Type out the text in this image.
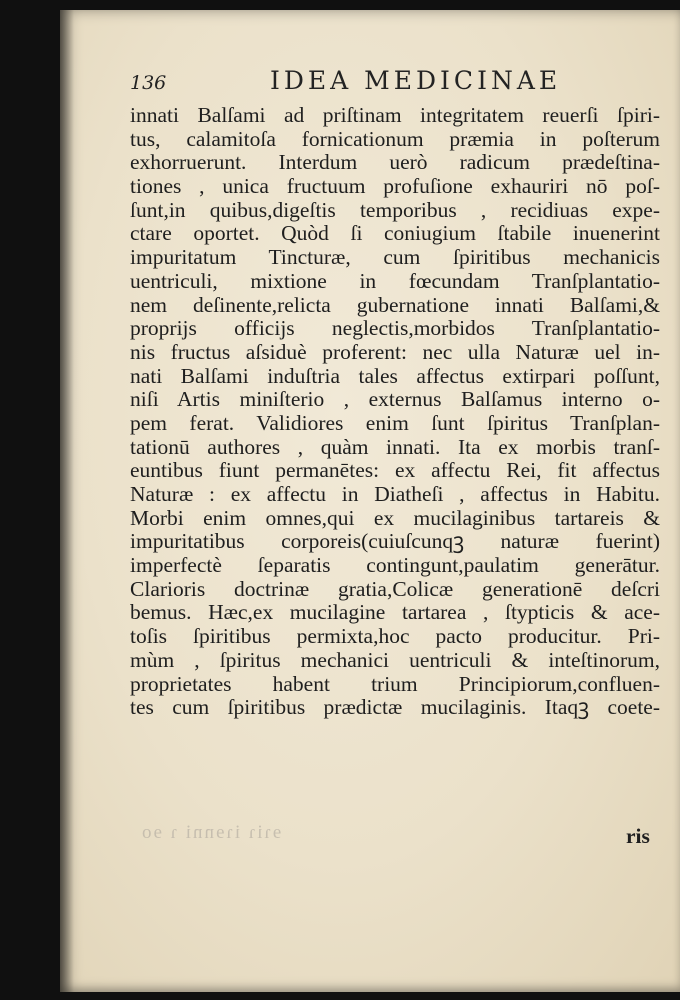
136	IDEA MEDICINAE
innati Balſami ad priſtinam integritatem reuerſi ſpiri-
tus, calamitoſa fornicationum præmia in poſterum
exhorruerunt. Interdum uerò radicum prædeſtina-
tiones , unica fructuum profuſione exhauriri nō poſ-
ſunt,in quibus,digeſtis temporibus , recidiuas expe-
ctare oportet. Quòd ſi coniugium ſtabile inuenerint
impuritatum Tincturæ, cum ſpiritibus mechanicis
uentriculi, mixtione in fœcundam Tranſplantatio-
nem deſinente,relicta gubernatione innati Balſami,&
proprijs officijs neglectis,morbidos Tranſplantatio-
nis fructus aſsiduè proferent: nec ulla Naturæ uel in-
nati Balſami induſtria tales affectus extirpari poſſunt,
niſi Artis miniſterio , externus Balſamus interno o-
pem ferat. Validiores enim ſunt ſpiritus Tranſplan-
tationū authores , quàm innati. Ita ex morbis tranſ-
euntibus fiunt permanētes: ex affectu Rei, fit affectus
Naturæ : ex affectu in Diatheſi , affectus in Habitu.
Morbi enim omnes,qui ex mucilaginibus tartareis &
impuritatibus corporeis(cuiuſcunqꝫ naturæ fuerint)
imperfectè ſeparatis contingunt,paulatim generātur.
Clarioris doctrinæ gratia,Colicæ generationē deſcri
bemus. Hæc,ex mucilagine tartarea , ſtypticis & ace-
toſis ſpiritibus permixta,hoc pacto producitur. Pri-
mùm , ſpiritus mechanici uentriculi & inteſtinorum,
proprietates habent trium Principiorum,confluen-
tes cum ſpiritibus prædictæ mucilaginis. Itaqꝫ coete-
ɘɿiɿ iɿɘnni ɿ ɘo	ris
